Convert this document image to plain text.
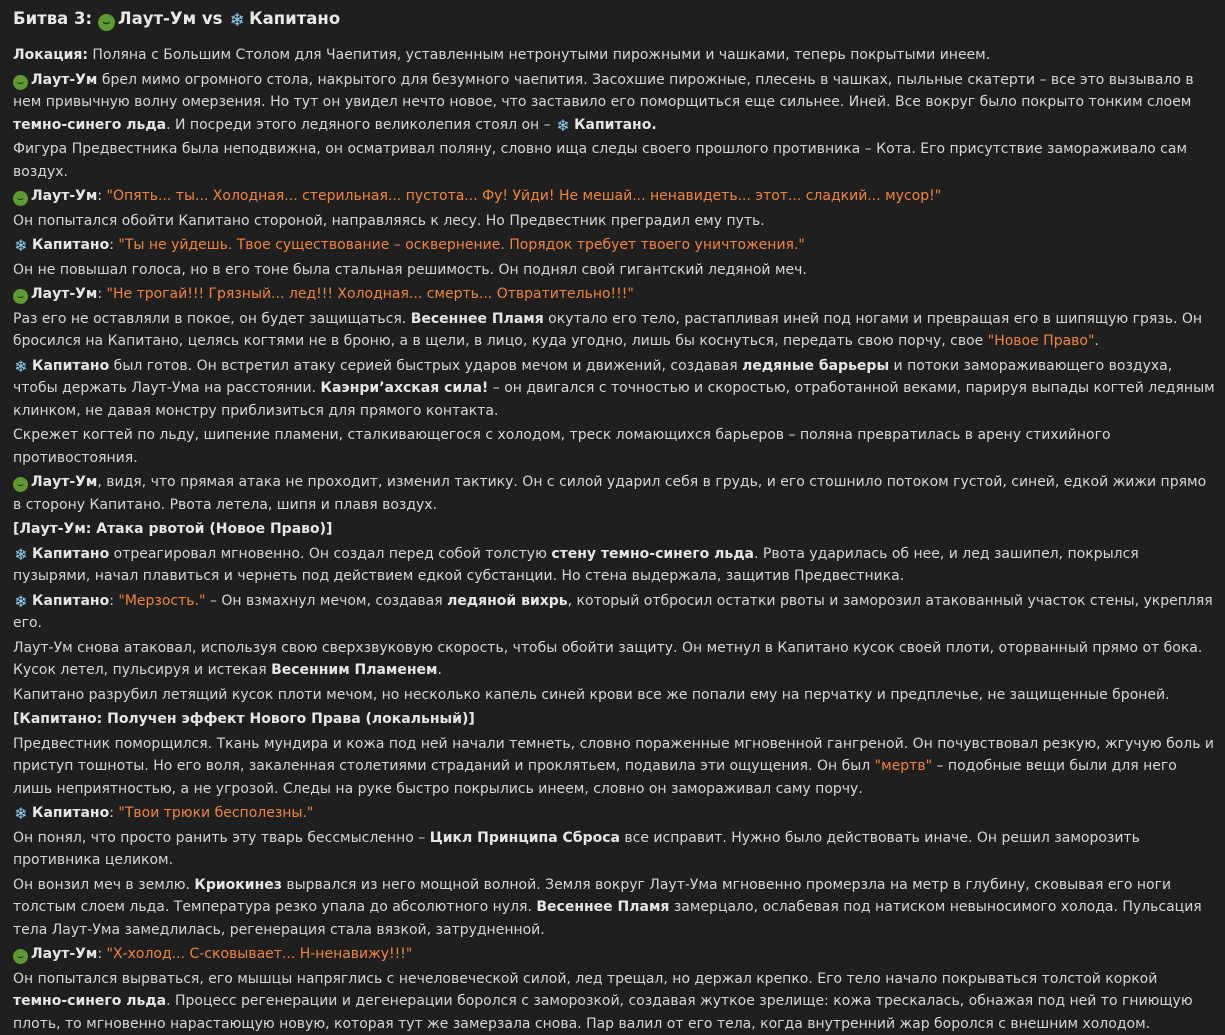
Битва 3: ⌣ Лаут-Ум vs ❄ Капитано

Локация: Поляна с Большим Столом для Чаепития, уставленным нетронутыми пирожными и чашками, теперь покрытыми инеем.

⌣ Лаут-Ум брел мимо огромного стола, накрытого для безумного чаепития. Засохшие пирожные, плесень в чашках, пыльные скатерти – все это вызывало в нем привычную волну омерзения. Но тут он увидел нечто новое, что заставило его поморщиться еще сильнее. Иней. Все вокруг было покрыто тонким слоем темно-синего льда. И посреди этого ледяного великолепия стоял он – ❄ Капитано.

Фигура Предвестника была неподвижна, он осматривал поляну, словно ища следы своего прошлого противника – Кота. Его присутствие замораживало сам воздух.

⌣ Лаут-Ум: "Опять... ты... Холодная... стерильная... пустота... Фу! Уйди! Не мешай... ненавидеть... этот... сладкий... мусор!"

Он попытался обойти Капитано стороной, направляясь к лесу. Но Предвестник преградил ему путь.

❄ Капитано: "Ты не уйдешь. Твое существование – осквернение. Порядок требует твоего уничтожения."

Он не повышал голоса, но в его тоне была стальная решимость. Он поднял свой гигантский ледяной меч.

⌣ Лаут-Ум: "Не трогай!!! Грязный... лед!!! Холодная... смерть... Отвратительно!!!"

Раз его не оставляли в покое, он будет защищаться. Весеннее Пламя окутало его тело, растапливая иней под ногами и превращая его в шипящую грязь. Он бросился на Капитано, целясь когтями не в броню, а в щели, в лицо, куда угодно, лишь бы коснуться, передать свою порчу, свое "Новое Право".

❄ Капитано был готов. Он встретил атаку серией быстрых ударов мечом и движений, создавая ледяные барьеры и потоки замораживающего воздуха, чтобы держать Лаут-Ума на расстоянии. Каэнри’ахская сила! – он двигался с точностью и скоростью, отработанной веками, парируя выпады когтей ледяным клинком, не давая монстру приблизиться для прямого контакта.

Скрежет когтей по льду, шипение пламени, сталкивающегося с холодом, треск ломающихся барьеров – поляна превратилась в арену стихийного противостояния.

⌣ Лаут-Ум, видя, что прямая атака не проходит, изменил тактику. Он с силой ударил себя в грудь, и его стошнило потоком густой, синей, едкой жижи прямо в сторону Капитано. Рвота летела, шипя и плавя воздух.

[Лаут-Ум: Атака рвотой (Новое Право)]

❄ Капитано отреагировал мгновенно. Он создал перед собой толстую стену темно-синего льда. Рвота ударилась об нее, и лед зашипел, покрылся пузырями, начал плавиться и чернеть под действием едкой субстанции. Но стена выдержала, защитив Предвестника.

❄ Капитано: "Мерзость." – Он взмахнул мечом, создавая ледяной вихрь, который отбросил остатки рвоты и заморозил атакованный участок стены, укрепляя его.

Лаут-Ум снова атаковал, используя свою сверхзвуковую скорость, чтобы обойти защиту. Он метнул в Капитано кусок своей плоти, оторванный прямо от бока. Кусок летел, пульсируя и истекая Весенним Пламенем.

Капитано разрубил летящий кусок плоти мечом, но несколько капель синей крови все же попали ему на перчатку и предплечье, не защищенные броней.

[Капитано: Получен эффект Нового Права (локальный)]

Предвестник поморщился. Ткань мундира и кожа под ней начали темнеть, словно пораженные мгновенной гангреной. Он почувствовал резкую, жгучую боль и приступ тошноты. Но его воля, закаленная столетиями страданий и проклятьем, подавила эти ощущения. Он был "мертв" – подобные вещи были для него лишь неприятностью, а не угрозой. Следы на руке быстро покрылись инеем, словно он замораживал саму порчу.

❄ Капитано: "Твои трюки бесполезны."

Он понял, что просто ранить эту тварь бессмысленно – Цикл Принципа Сброса все исправит. Нужно было действовать иначе. Он решил заморозить противника целиком.

Он вонзил меч в землю. Криокинез вырвался из него мощной волной. Земля вокруг Лаут-Ума мгновенно промерзла на метр в глубину, сковывая его ноги толстым слоем льда. Температура резко упала до абсолютного нуля. Весеннее Пламя замерцало, ослабевая под натиском невыносимого холода. Пульсация тела Лаут-Ума замедлилась, регенерация стала вязкой, затрудненной.

⌣ Лаут-Ум: "Х-холод... С-сковывает... Н-ненавижу!!!"

Он попытался вырваться, его мышцы напряглись с нечеловеческой силой, лед трещал, но держал крепко. Его тело начало покрываться толстой коркой темно-синего льда. Процесс регенерации и дегенерации боролся с заморозкой, создавая жуткое зрелище: кожа трескалась, обнажая под ней то гниющую плоть, то мгновенно нарастающую новую, которая тут же замерзала снова. Пар валил от его тела, когда внутренний жар боролся с внешним холодом.
